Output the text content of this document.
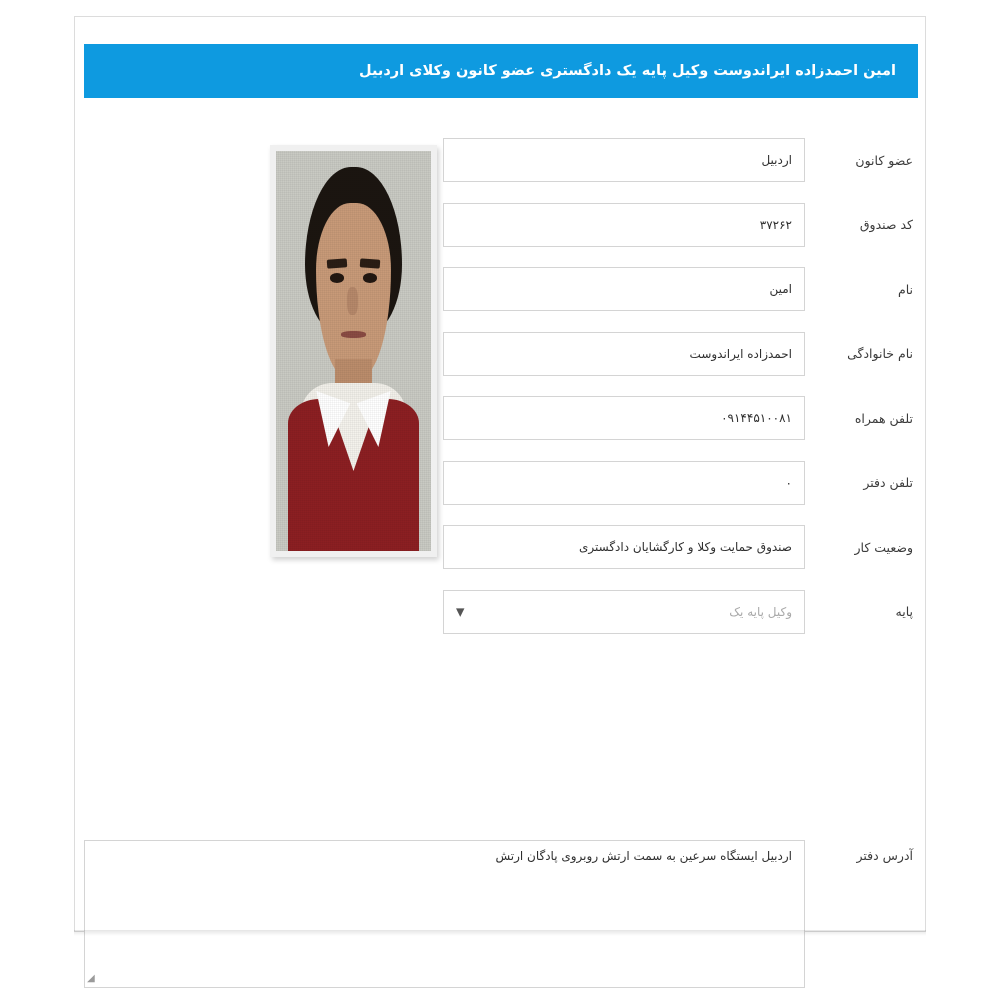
امین احمدزاده ایراندوست وکیل پایه یک دادگستری عضو کانون وکلای اردبیل
عضو کانون
اردبیل
کد صندوق
۳۷۲۶۲
نام
امین
نام خانوادگی
احمدزاده ایراندوست
تلفن همراه
۰۹۱۴۴۵۱۰۰۸۱
تلفن دفتر
۰
وضعیت کار
صندوق حمایت وکلا و کارگشایان دادگستری
پایه
وکیل پایه یک
▼
آدرس دفتر
اردبیل ایستگاه سرعین به سمت ارتش روبروی پادگان ارتش
◣
